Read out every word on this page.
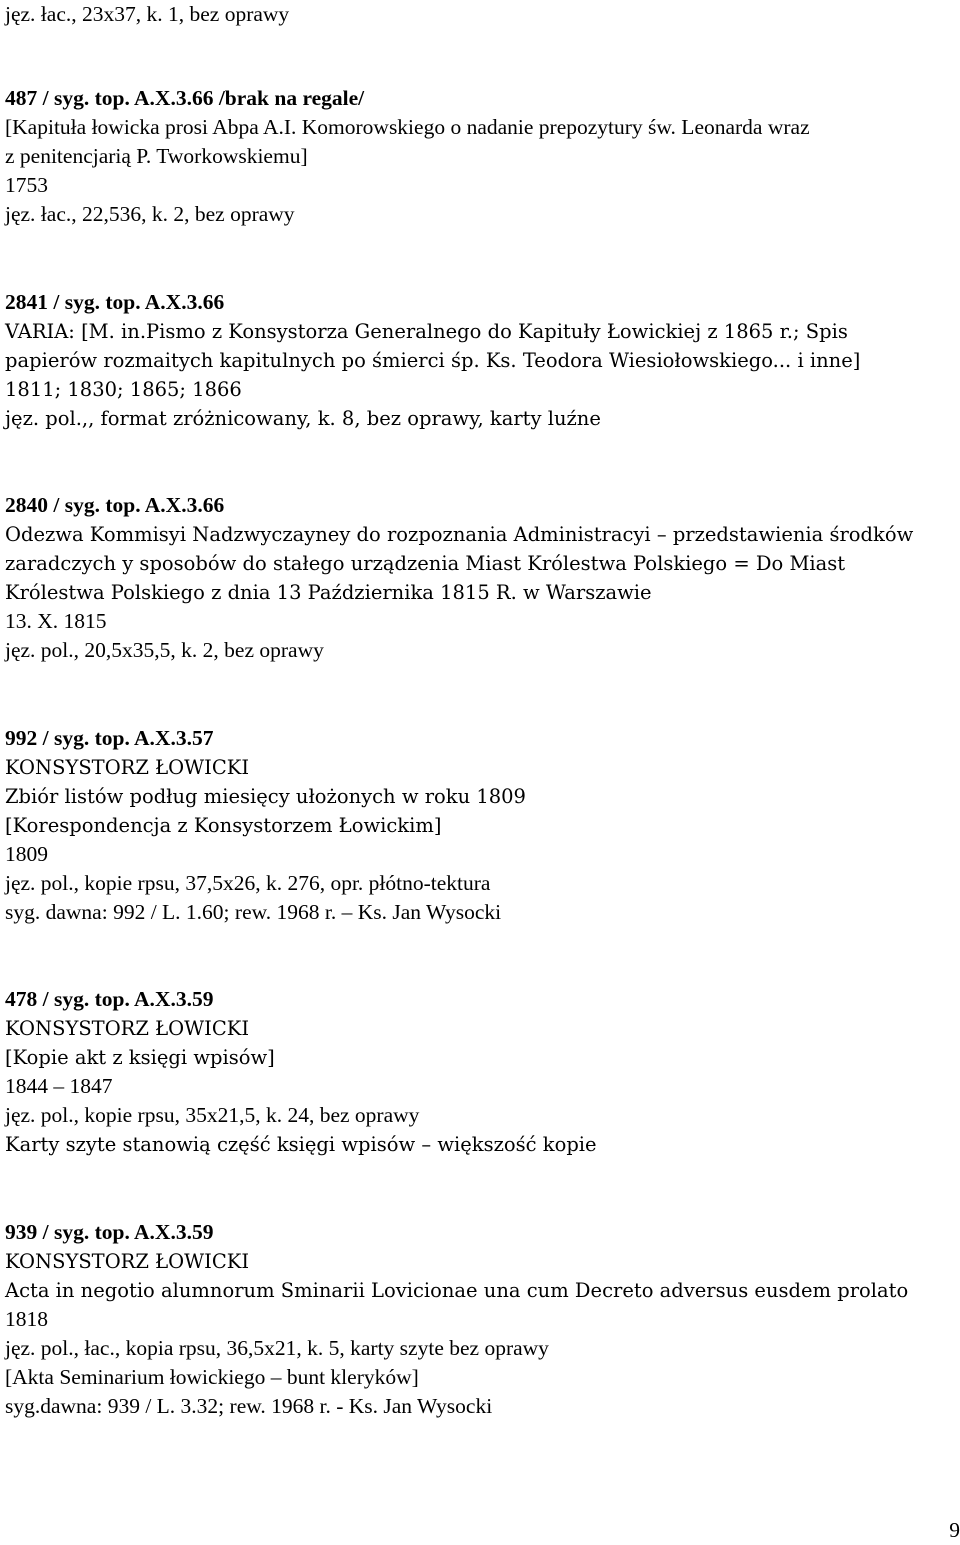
jęz. łac., 23x37, k. 1, bez oprawy
487 / syg. top. A.X.3.66 /brak na regale/
[Kapituła łowicka prosi Abpa A.I. Komorowskiego o nadanie prepozytury św. Leonarda wraz
z penitencjarią P. Tworkowskiemu]
1753
jęz. łac., 22,536, k. 2, bez oprawy
2841 / syg. top. A.X.3.66
VARIA: [M. in.Pismo z Konsystorza Generalnego do Kapituły Łowickiej z 1865 r.; Spis
papierów rozmaitych kapitulnych po śmierci śp. Ks. Teodora Wiesiołowskiego... i inne]
1811; 1830; 1865; 1866
jęz. pol.,, format zróżnicowany, k. 8, bez oprawy, karty luźne
2840 / syg. top. A.X.3.66
Odezwa Kommisyi Nadzwyczayney do rozpoznania Administracyi – przedstawienia środków
zaradczych y sposobów do stałego urządzenia Miast Królestwa Polskiego = Do Miast
Królestwa Polskiego z dnia 13 Października 1815 R. w Warszawie
13. X. 1815
jęz. pol., 20,5x35,5, k. 2, bez oprawy
992 / syg. top. A.X.3.57
KONSYSTORZ ŁOWICKI
Zbiór listów podług miesięcy ułożonych w roku 1809
[Korespondencja z Konsystorzem Łowickim]
1809
jęz. pol., kopie rpsu, 37,5x26, k. 276, opr. płótno-tektura
syg. dawna: 992 / L. 1.60; rew. 1968 r. – Ks. Jan Wysocki
478 / syg. top. A.X.3.59
KONSYSTORZ ŁOWICKI
[Kopie akt z księgi wpisów]
1844 – 1847
jęz. pol., kopie rpsu, 35x21,5, k. 24, bez oprawy
Karty szyte stanowią część księgi wpisów – większość kopie
939 / syg. top. A.X.3.59
KONSYSTORZ ŁOWICKI
Acta in negotio alumnorum Sminarii Lovicionae una cum Decreto adversus eusdem prolato
1818
jęz. pol., łac., kopia rpsu, 36,5x21, k. 5, karty szyte bez oprawy
[Akta Seminarium łowickiego – bunt kleryków]
syg.dawna: 939 / L. 3.32; rew. 1968 r. - Ks. Jan Wysocki
9
